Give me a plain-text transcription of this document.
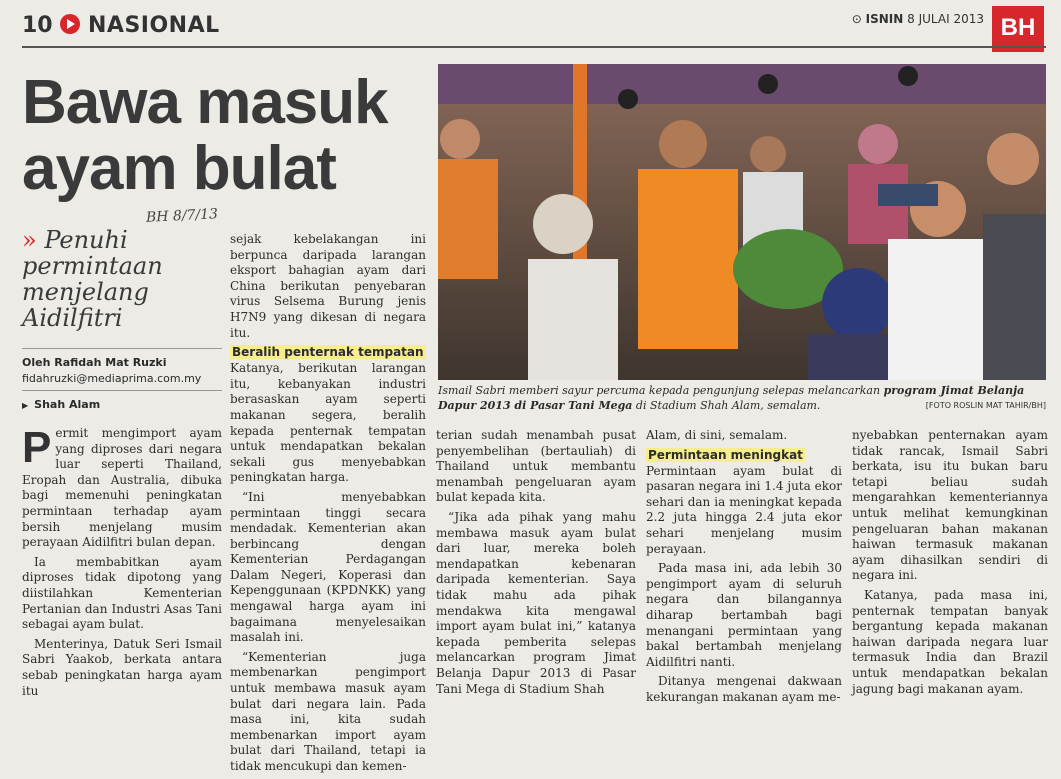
10 NASIONAL	⊙ ISNIN 8 JULAI 2013 BH
Bawa masuk
ayam bulat
BH 8/7/13
» Penuhi permintaan menjelang Aidilfitri
Oleh Rafidah Mat Ruzki
fidahruzki@mediaprima.com.my
▶ Shah Alam

Permit mengimport ayam yang diproses dari negara luar seperti Thailand, Eropah dan Australia, dibuka bagi memenuhi peningkatan permintaan terhadap ayam bersih menjelang musim perayaan Aidilfitri bulan depan.

Ia membabitkan ayam diproses tidak dipotong yang diistilahkan Kementerian Pertanian dan Industri Asas Tani sebagai ayam bulat.

Menterinya, Datuk Seri Ismail Sabri Yaakob, berkata antara sebab peningkatan harga ayam itu

sejak kebelakangan ini berpunca daripada larangan eksport bahagian ayam dari China berikutan penyebaran virus Selsema Burung jenis H7N9 yang dikesan di negara itu.

Beralih penternak tempatan

Katanya, berikutan larangan itu, kebanyakan industri berasaskan ayam seperti makanan segera, beralih kepada penternak tempatan untuk mendapatkan bekalan sekali gus menyebabkan peningkatan harga.

“Ini menyebabkan permintaan tinggi secara mendadak. Kementerian akan berbincang dengan Kementerian Perdagangan Dalam Negeri, Koperasi dan Kepenggunaan (KPDNKK) yang mengawal harga ayam ini bagaimana menyelesaikan masalah ini.

“Kementerian juga membenarkan pengimport untuk membawa masuk ayam bulat dari negara lain. Pada masa ini, kita sudah membenarkan import ayam bulat dari Thailand, tetapi ia tidak mencukupi dan kemen-

Ismail Sabri memberi sayur percuma kepada pengunjung selepas melancarkan program Jimat Belanja Dapur 2013 di Pasar Tani Mega di Stadium Shah Alam, semalam.	[FOTO ROSLIN MAT TAHIR/BH]

terian sudah menambah pusat penyembelihan (bertauliah) di Thailand untuk membantu menambah pengeluaran ayam bulat kepada kita.

“Jika ada pihak yang mahu membawa masuk ayam bulat dari luar, mereka boleh mendapatkan kebenaran daripada kementerian. Saya tidak mahu ada pihak mendakwa kita mengawal import ayam bulat ini,” katanya kepada pemberita selepas melancarkan program Jimat Belanja Dapur 2013 di Pasar Tani Mega di Stadium Shah

Alam, di sini, semalam.

Permintaan meningkat

Permintaan ayam bulat di pasaran negara ini 1.4 juta ekor sehari dan ia meningkat kepada 2.2 juta hingga 2.4 juta ekor sehari menjelang musim perayaan.

Pada masa ini, ada lebih 30 pengimport ayam di seluruh negara dan bilangannya diharap bertambah bagi menangani permintaan yang bakal bertambah menjelang Aidilfitri nanti.

Ditanya mengenai dakwaan kekurangan makanan ayam me-

nyebabkan penternakan ayam tidak rancak, Ismail Sabri berkata, isu itu bukan baru tetapi beliau sudah mengarahkan kementeriannya untuk melihat kemungkinan pengeluaran bahan makanan haiwan termasuk makanan ayam dihasilkan sendiri di negara ini.

Katanya, pada masa ini, penternak tempatan banyak bergantung kepada makanan haiwan daripada negara luar termasuk India dan Brazil untuk mendapatkan bekalan jagung bagi makanan ayam.
